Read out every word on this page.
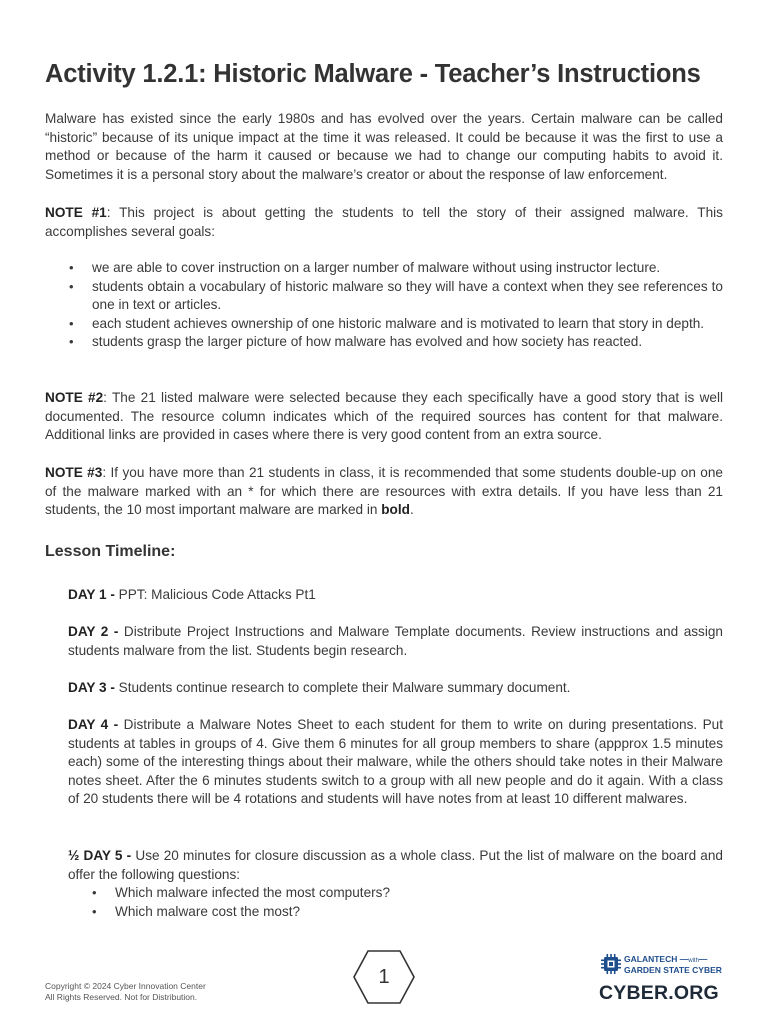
Activity 1.2.1: Historic Malware - Teacher’s Instructions

Malware has existed since the early 1980s and has evolved over the years. Certain malware can be called “historic” because of its unique impact at the time it was released. It could be because it was the first to use a method or because of the harm it caused or because we had to change our computing habits to avoid it. Sometimes it is a personal story about the malware’s creator or about the response of law enforcement.

NOTE #1: This project is about getting the students to tell the story of their assigned malware. This accomplishes several goals:

• we are able to cover instruction on a larger number of malware without using instructor lecture.
• students obtain a vocabulary of historic malware so they will have a context when they see references to one in text or articles.
• each student achieves ownership of one historic malware and is motivated to learn that story in depth.
• students grasp the larger picture of how malware has evolved and how society has reacted.

NOTE #2: The 21 listed malware were selected because they each specifically have a good story that is well documented. The resource column indicates which of the required sources has content for that malware. Additional links are provided in cases where there is very good content from an extra source.

NOTE #3: If you have more than 21 students in class, it is recommended that some students double-up on one of the malware marked with an * for which there are resources with extra details. If you have less than 21 students, the 10 most important malware are marked in bold.

Lesson Timeline:

DAY 1 - PPT: Malicious Code Attacks Pt1

DAY 2 - Distribute Project Instructions and Malware Template documents. Review instructions and assign students malware from the list. Students begin research.

DAY 3 - Students continue research to complete their Malware summary document.

DAY 4 - Distribute a Malware Notes Sheet to each student for them to write on during presentations. Put students at tables in groups of 4. Give them 6 minutes for all group members to share (appprox 1.5 minutes each) some of the interesting things about their malware, while the others should take notes in their Malware notes sheet. After the 6 minutes students switch to a group with all new people and do it again. With a class of 20 students there will be 4 rotations and students will have notes from at least 10 different malwares.

½ DAY 5 - Use 20 minutes for closure discussion as a whole class. Put the list of malware on the board and offer the following questions:

• Which malware infected the most computers?
• Which malware cost the most?
Copyright © 2024 Cyber Innovation Center
All Rights Reserved. Not for Distribution.
1
GALANTECH —with—
GARDEN STATE CYBER
CYBER.ORG
